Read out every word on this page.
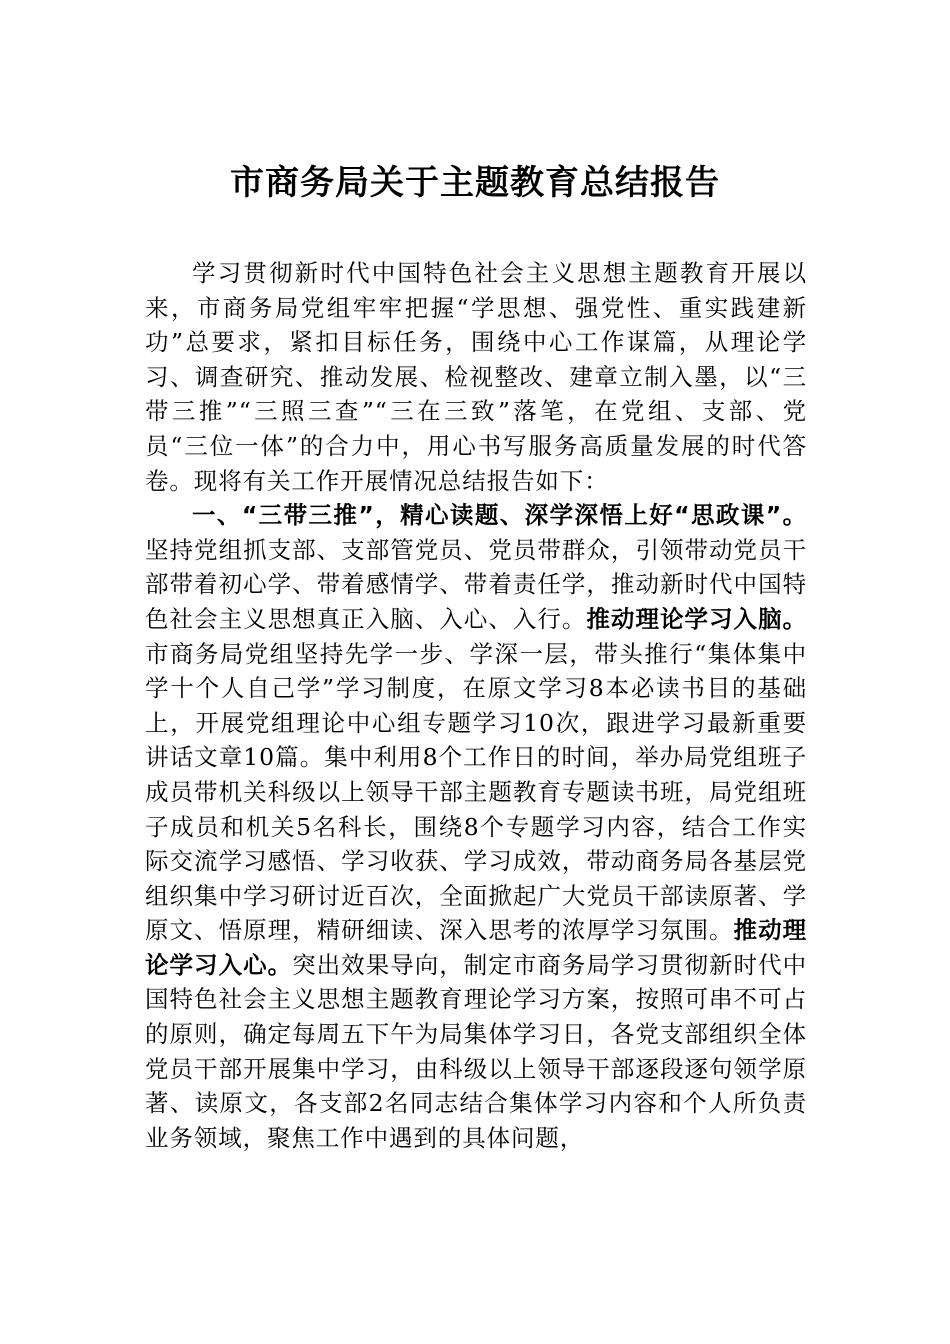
市商务局关于主题教育总结报告

学习贯彻新时代中国特色社会主义思想主题教育开展以来，市商务局党组牢牢把握“学思想、强党性、重实践建新功”总要求，紧扣目标任务，围绕中心工作谋篇，从理论学习、调查研究、推动发展、检视整改、建章立制入墨，以“三带三推”“三照三查”“三在三致”落笔，在党组、支部、党员“三位一体”的合力中，用心书写服务高质量发展的时代答卷。现将有关工作开展情况总结报告如下：

一、“三带三推”，精心读题、深学深悟上好“思政课”。坚持党组抓支部、支部管党员、党员带群众，引领带动党员干部带着初心学、带着感情学、带着责任学，推动新时代中国特色社会主义思想真正入脑、入心、入行。推动理论学习入脑。市商务局党组坚持先学一步、学深一层，带头推行“集体集中学十个人自己学”学习制度，在原文学习8本必读书目的基础上，开展党组理论中心组专题学习10次，跟进学习最新重要讲话文章10篇。集中利用8个工作日的时间，举办局党组班子成员带机关科级以上领导干部主题教育专题读书班，局党组班子成员和机关5名科长，围绕8个专题学习内容，结合工作实际交流学习感悟、学习收获、学习成效，带动商务局各基层党组织集中学习研讨近百次，全面掀起广大党员干部读原著、学原文、悟原理，精研细读、深入思考的浓厚学习氛围。推动理论学习入心。突出效果导向，制定市商务局学习贯彻新时代中国特色社会主义思想主题教育理论学习方案，按照可串不可占的原则，确定每周五下午为局集体学习日，各党支部组织全体党员干部开展集中学习，由科级以上领导干部逐段逐句领学原著、读原文，各支部2名同志结合集体学习内容和个人所负责业务领域，聚焦工作中遇到的具体问题，
